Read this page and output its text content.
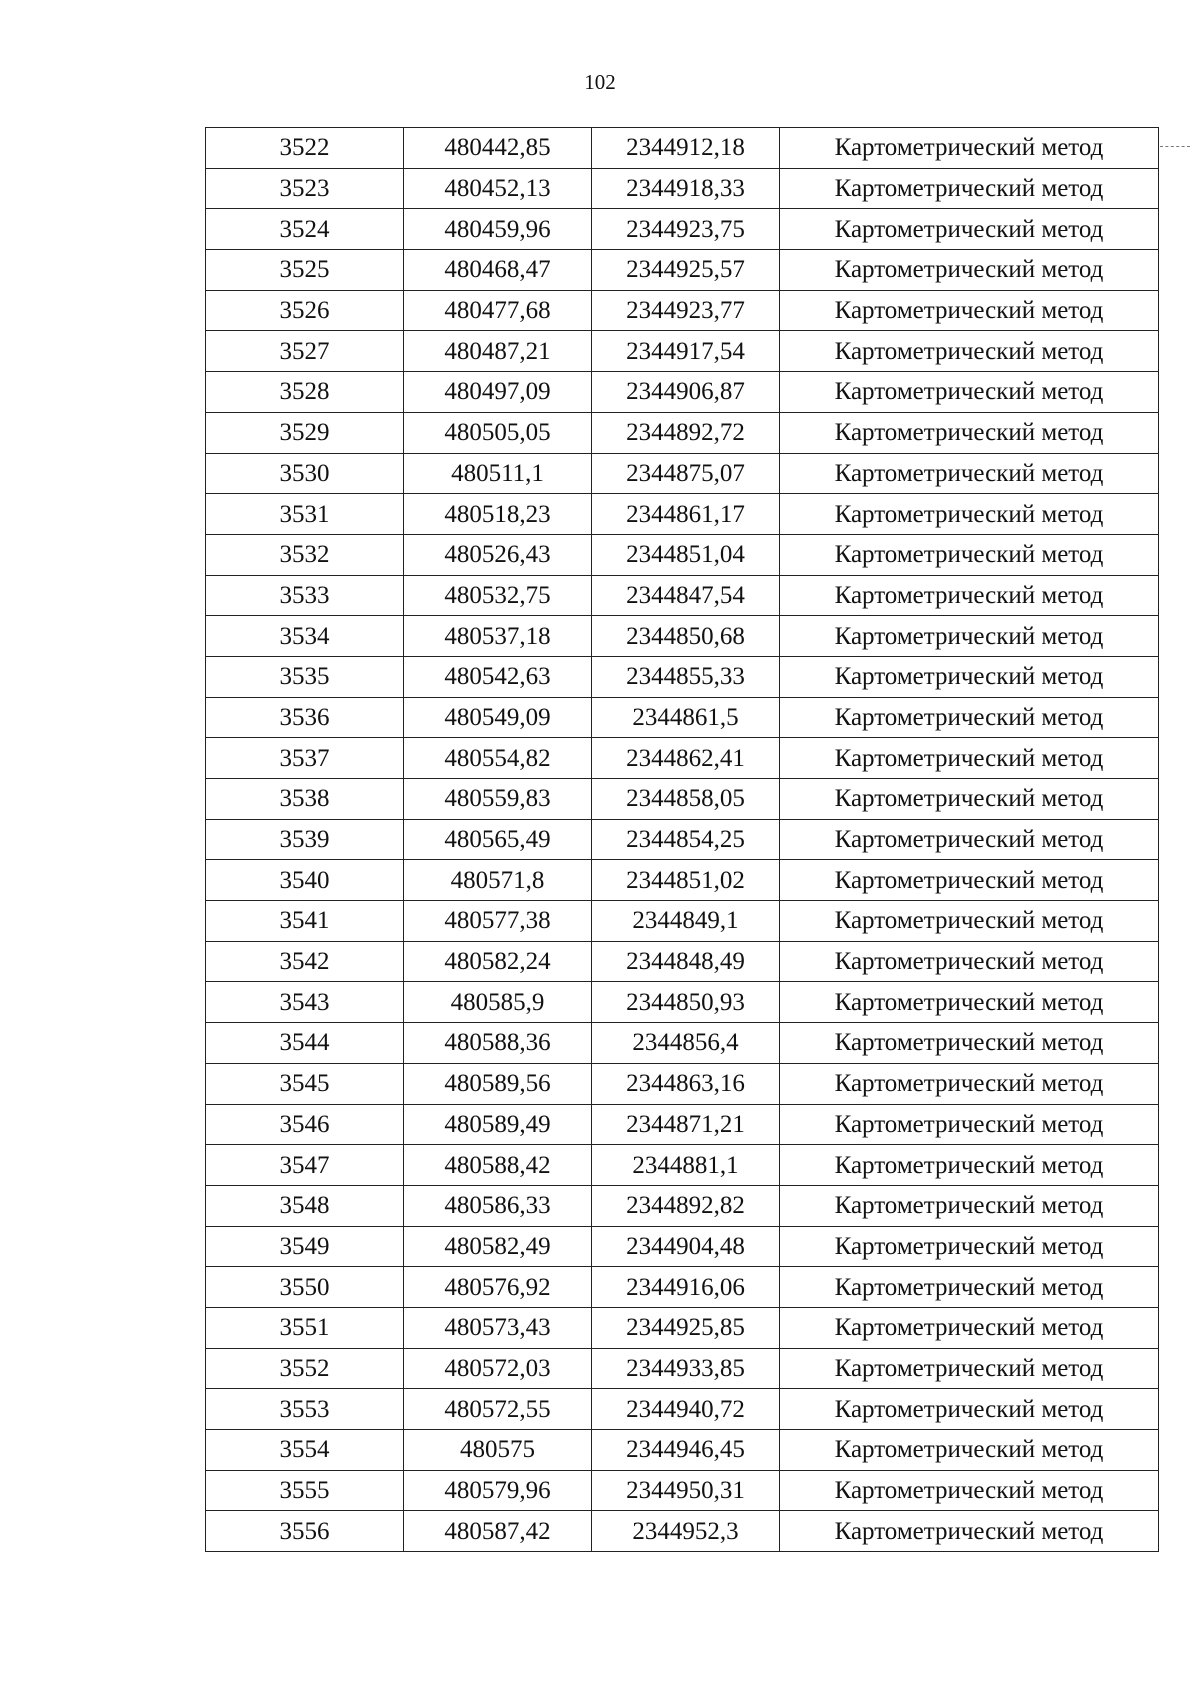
102
3522	480442,85	2344912,18	Картометрический метод
3523	480452,13	2344918,33	Картометрический метод
3524	480459,96	2344923,75	Картометрический метод
3525	480468,47	2344925,57	Картометрический метод
3526	480477,68	2344923,77	Картометрический метод
3527	480487,21	2344917,54	Картометрический метод
3528	480497,09	2344906,87	Картометрический метод
3529	480505,05	2344892,72	Картометрический метод
3530	480511,1	2344875,07	Картометрический метод
3531	480518,23	2344861,17	Картометрический метод
3532	480526,43	2344851,04	Картометрический метод
3533	480532,75	2344847,54	Картометрический метод
3534	480537,18	2344850,68	Картометрический метод
3535	480542,63	2344855,33	Картометрический метод
3536	480549,09	2344861,5	Картометрический метод
3537	480554,82	2344862,41	Картометрический метод
3538	480559,83	2344858,05	Картометрический метод
3539	480565,49	2344854,25	Картометрический метод
3540	480571,8	2344851,02	Картометрический метод
3541	480577,38	2344849,1	Картометрический метод
3542	480582,24	2344848,49	Картометрический метод
3543	480585,9	2344850,93	Картометрический метод
3544	480588,36	2344856,4	Картометрический метод
3545	480589,56	2344863,16	Картометрический метод
3546	480589,49	2344871,21	Картометрический метод
3547	480588,42	2344881,1	Картометрический метод
3548	480586,33	2344892,82	Картометрический метод
3549	480582,49	2344904,48	Картометрический метод
3550	480576,92	2344916,06	Картометрический метод
3551	480573,43	2344925,85	Картометрический метод
3552	480572,03	2344933,85	Картометрический метод
3553	480572,55	2344940,72	Картометрический метод
3554	480575	2344946,45	Картометрический метод
3555	480579,96	2344950,31	Картометрический метод
3556	480587,42	2344952,3	Картометрический метод
